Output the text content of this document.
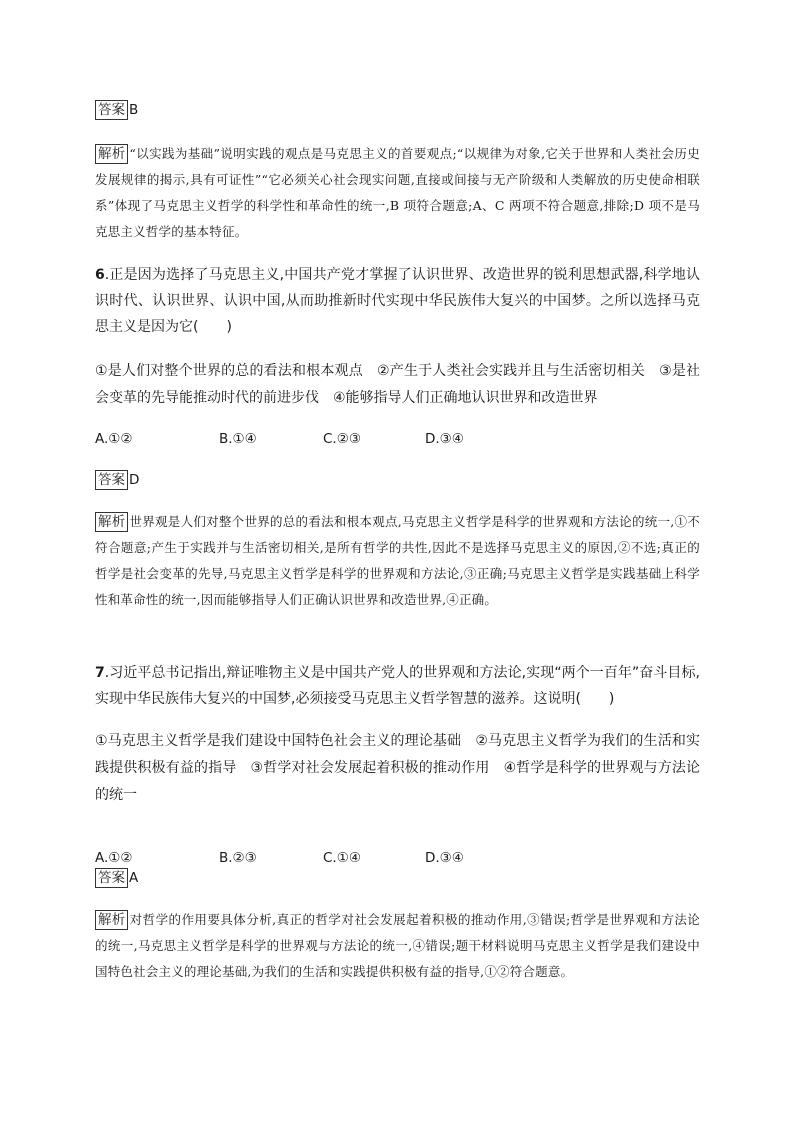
答案 B
解析 “以实践为基础”说明实践的观点是马克思主义的首要观点;“以规律为对象,它关于世界和人类社会历史发展规律的揭示,具有可证性”“它必须关心社会现实问题,直接或间接与无产阶级和人类解放的历史使命相联系”体现了马克思主义哲学的科学性和革命性的统一,B 项符合题意;A、C 两项不符合题意,排除;D 项不是马克思主义哲学的基本特征。
6.正是因为选择了马克思主义,中国共产党才掌握了认识世界、改造世界的锐利思想武器,科学地认识时代、认识世界、认识中国,从而助推新时代实现中华民族伟大复兴的中国梦。之所以选择马克思主义是因为它(　　)
①是人们对整个世界的总的看法和根本观点　②产生于人类社会实践并且与生活密切相关　③是社会变革的先导能推动时代的前进步伐　④能够指导人们正确地认识世界和改造世界
A.①②	B.①④	C.②③	D.③④
答案 D
解析 世界观是人们对整个世界的总的看法和根本观点,马克思主义哲学是科学的世界观和方法论的统一,①不符合题意;产生于实践并与生活密切相关,是所有哲学的共性,因此不是选择马克思主义的原因,②不选;真正的哲学是社会变革的先导,马克思主义哲学是科学的世界观和方法论,③正确;马克思主义哲学是实践基础上科学性和革命性的统一,因而能够指导人们正确认识世界和改造世界,④正确。
7.习近平总书记指出,辩证唯物主义是中国共产党人的世界观和方法论,实现“两个一百年”奋斗目标,实现中华民族伟大复兴的中国梦,必须接受马克思主义哲学智慧的滋养。这说明(　　)
①马克思主义哲学是我们建设中国特色社会主义的理论基础　②马克思主义哲学为我们的生活和实践提供积极有益的指导　③哲学对社会发展起着积极的推动作用　④哲学是科学的世界观与方法论的统一
A.①②	B.②③	C.①④	D.③④
答案 A
解析 对哲学的作用要具体分析,真正的哲学对社会发展起着积极的推动作用,③错误;哲学是世界观和方法论的统一,马克思主义哲学是科学的世界观与方法论的统一,④错误;题干材料说明马克思主义哲学是我们建设中国特色社会主义的理论基础,为我们的生活和实践提供积极有益的指导,①②符合题意。
